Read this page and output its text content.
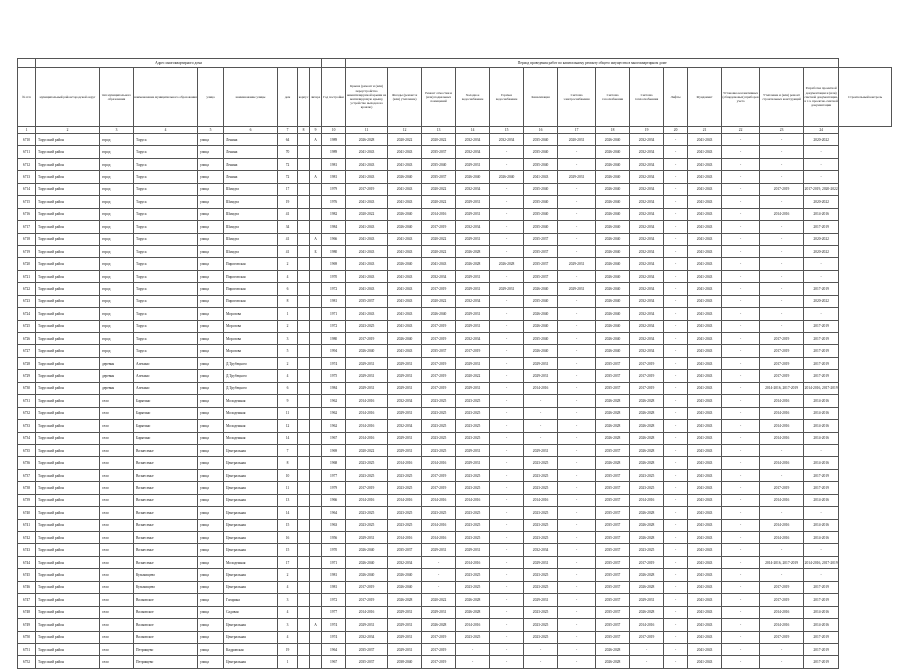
	Адрес многоквартирного дома									Период проведения работ по капитальному ремонту общего имущества в многоквартирном доме														
№ п/п	муниципальный район/городской округ	тип муниципального образования	наименование муниципального образования	улица	наименование улицы	дом	корпус	литера	Год постройки	Крыша (ремонт и (или) переустройство невентилируемой крыши на вентилируемую крышу, устройство выходов на кровлю)	Фасады (ремонт и (или) утепление)	Ремонт отмостки и (или) подвальных помещений	Холодное водоснабжение	Горячее водоснабжение	Канализация	Система электроснабжения	Система газоснабжения	Система теплоснабжения	Лифты	Фундамент	Установка коллективных (общедомовых) приборов учета	Утепление и (или) ремонт строительных конструкций	Разработка проектной документации и (или) сметной документации, в т.ч. проектно-сметной документации	Строительный контроль
1	2	3	4	5	6	7	8	9	10	11	12	13	14	15	16	17	18	19	20	21	22	23	24	
6710	Тарусский район	город	Таруса	улица	Ленина	64		А	1989	2026-2028	2020-2022	2020-2022	2032-2034	2032-2034	2035-2040	2020-2031	2026-2040	2032-2034	-	2041-2043	-	-	2020-2022	
6711	Тарусский район	город	Таруса	улица	Ленина	70			1989	2041-2043	2041-2043	2035-2037	2032-2034	-	2035-2040	-	2026-2040	2032-2034	-	2041-2043	-	-	-	
6712	Тарусский район	город	Таруса	улица	Ленина	72			1981	2041-2043	2041-2043	2035-2040	2029-2031	-	2035-2040	-	2026-2040	2032-2034	-	2041-2043	-	-	-	
6713	Тарусский район	город	Таруса	улица	Ленина	72		А	1981	2041-2043	2026-2040	2035-2037	2026-2040	2026-2040	2041-2043	2029-2031	2026-2040	2032-2034	-	2041-2043	-	-	-	
6714	Тарусский район	город	Таруса	улица	Шмидта	17			1979	2017-2019	2041-2043	2020-2022	2032-2034	-	2035-2040	-	2026-2040	2032-2034	-	2041-2043	-	2017-2019	2017-2019, 2020-2022	
6715	Тарусский район	город	Таруса	улица	Шмидта	19			1976	2041-2043	2041-2043	2020-2022	2029-2031	-	2035-2040	-	2026-2040	2032-2034	-	2041-2043	-	-	2020-2022	
6716	Тарусский район	город	Таруса	улица	Шмидта	41			1982	2020-2022	2026-2040	2014-2016	2029-2031	-	2035-2040	-	2026-2040	2032-2034	-	2041-2043	-	2014-2016	2014-2016	
6717	Тарусский район	город	Таруса	улица	Шмидта	34			1984	2041-2043	2026-2040	2017-2019	2032-2034	-	2035-2040	-	2026-2040	2032-2034	-	2041-2043	-	-	2017-2019	
6718	Тарусский район	город	Таруса	улица	Шмидта	41		А	1966	2041-2043	2041-2043	2020-2022	2029-2031	-	2035-2037	-	2026-2040	2032-2034	-	2041-2043	-	-	2020-2022	
6719	Тарусский район	город	Таруса	улица	Шмидта	41		Б	1980	2041-2043	2041-2043	2020-2022	2026-2028	-	2035-2037	-	2026-2040	2032-2034	-	2041-2043	-	-	2020-2022	
6720	Тарусский район	город	Таруса	улица	Пироговская	2			1969	2041-2043	2026-2040	2041-2043	2026-2028	2026-2028	2035-2037	2029-2031	2026-2040	2032-2034	-	2041-2043	-	-	-	
6721	Тарусский район	город	Таруса	улица	Пироговская	4			1970	2041-2043	2041-2043	2032-2034	2029-2031	-	2035-2037	-	2026-2040	2032-2034	-	2041-2043	-	-	-	
6722	Тарусский район	город	Таруса	улица	Пироговская	6			1972	2041-2043	2041-2043	2017-2019	2029-2031	2029-2031	2026-2040	2029-2031	2026-2040	2032-2034	-	2041-2043	-	-	2017-2019	
6723	Тарусский район	город	Таруса	улица	Пироговская	8			1981	2035-2037	2041-2043	2020-2022	2032-2034	-	2035-2040	-	2026-2040	2032-2034	-	2041-2043	-	-	2020-2022	
6724	Тарусский район	город	Таруса	улица	Морозова	1			1971	2041-2043	2041-2043	2026-2040	2029-2031	-	2026-2040	-	2026-2040	2032-2034	-	2041-2043	-	-	-	
6725	Тарусский район	город	Таруса	улица	Морозова	2			1972	2023-2025	2041-2043	2017-2019	2029-2031	-	2026-2040	-	2026-2040	2032-2034	-	2041-2043	-	-	2017-2019	
6726	Тарусский район	город	Таруса	улица	Морозова	3			1980	2017-2019	2026-2040	2017-2019	2032-2034	-	2035-2040	-	2026-2040	2032-2034	-	2041-2043	-	2017-2019	2017-2019	
6727	Тарусский район	город	Таруса	улица	Морозова	5			1994	2026-2040	2041-2043	2035-2037	2017-2019	-	2026-2040	-	2026-2040	2032-2034	-	2041-2043	-	2017-2019	2017-2019	
6728	Тарусский район	деревня	Алекино	улица	Д.Трубецкого	2			1974	2029-2031	2029-2031	2017-2019	2029-2031	-	2029-2031	-	2035-2037	2017-2019	-	2041-2043	-	2017-2019	2017-2019	
6729	Тарусский район	деревня	Алекино	улица	Д.Трубецкого	4			1975	2029-2031	2029-2031	2017-2019	2020-2022	-	2029-2031	-	2035-2037	2017-2019	-	2041-2043	-	2017-2019	2017-2019	
6730	Тарусский район	деревня	Алекино	улица	Д.Трубецкого	6			1984	2029-2031	2029-2031	2017-2019	2029-2031	-	2014-2016	-	2035-2037	2017-2019	-	2041-2043	-	2014-2016, 2017-2019	2014-2016, 2017-2019	
6731	Тарусский район	село	Барятино	улица	Молодежная	9			1962	2014-2016	2032-2034	2023-2025	2023-2025	-	-	-	2026-2028	2026-2028	-	2041-2043	-	2014-2016	2014-2016	
6732	Тарусский район	село	Барятино	улица	Молодежная	11			1962	2014-2016	2029-2031	2023-2025	2023-2025	-	-	-	2026-2028	2026-2028	-	2041-2043	-	2014-2016	2014-2016	
6733	Тарусский район	село	Барятино	улица	Молодежная	12			1962	2014-2016	2032-2034	2023-2025	2023-2025	-	-	-	2026-2028	2026-2028	-	2041-2043	-	2014-2016	2014-2016	
6734	Тарусский район	село	Барятино	улица	Молодежная	14			1967	2014-2016	2029-2031	2023-2025	2023-2025	-	-	-	2026-2028	2026-2028	-	2041-2043	-	2014-2016	2014-2016	
6735	Тарусский район	село	Вознесенье	улица	Центральная	7			1969	2020-2022	2029-2031	2023-2025	2029-2031	-	2029-2031	-	2035-2037	2026-2028	-	2041-2043	-	-	-	
6736	Тарусский район	село	Вознесенье	улица	Центральная	8			1968	2023-2025	2014-2016	2014-2016	2029-2031	-	2023-2025	-	2026-2028	2026-2028	-	2041-2043	-	2014-2016	2014-2016	
6737	Тарусский район	село	Вознесенье	улица	Центральная	10			1977	2023-2025	2023-2025	2017-2019	2023-2025	-	2023-2025	-	2035-2037	2023-2025	-	2041-2043	-	-	2017-2019	
6738	Тарусский район	село	Вознесенье	улица	Центральная	11			1979	2017-2019	2023-2025	2017-2019	2023-2025	-	2023-2025	-	2035-2037	2023-2025	-	2041-2043	-	2017-2019	2017-2019	
6739	Тарусский район	село	Вознесенье	улица	Центральная	13			1966	2014-2016	2014-2016	2014-2016	2014-2016	-	2014-2016	-	2035-2037	2014-2016	-	2041-2043	-	2014-2016	2014-2016	
6740	Тарусский район	село	Вознесенье	улица	Центральная	14			1964	2023-2025	2023-2025	2023-2025	2023-2025	-	2023-2025	-	2035-2037	2026-2028	-	2041-2043	-	-	-	
6741	Тарусский район	село	Вознесенье	улица	Центральная	15			1963	2023-2025	2023-2025	2014-2016	2023-2025	-	2023-2025	-	2035-2037	2026-2028	-	2041-2043	-	2014-2016	2014-2016	
6742	Тарусский район	село	Вознесенье	улица	Центральная	16			1956	2029-2031	2014-2016	2014-2016	2023-2025	-	2023-2025	-	2035-2037	2026-2028	-	2041-2043	-	2014-2016	2014-2016	
6743	Тарусский район	село	Вознесенье	улица	Центральная	15			1970	2026-2040	2035-2037	2029-2031	2029-2031	-	2032-2034	-	2035-2037	2023-2025	-	2041-2043	-	-	-	
6744	Тарусский район	село	Вознесенье	улица	Молодежная	17			1971	2026-2040	2032-2034	-	2014-2016	-	2029-2031	-	2035-2037	2017-2019	-	2041-2043	-	2014-2016, 2017-2019	2014-2016, 2017-2019	
6745	Тарусский район	село	Кузьмищево	улица	Центральная	2			1981	2026-2040	2026-2040	-	2023-2025	-	2023-2025	-	2035-2037	2026-2028	-	2041-2043	-	-	-	
6746	Тарусский район	село	Кузьмищево	улица	Центральная	4			1981	2017-2019	2026-2040	-	2023-2025	-	2023-2025	-	2035-2037	2026-2028	-	2041-2043	-	2017-2019	2017-2019	
6747	Тарусский район	село	Волковское	улица	Гагарина	3			1972	2017-2019	2026-2028	2020-2022	2026-2028	-	2029-2031	-	2035-2037	2029-2031	-	2041-2043	-	2017-2019	2017-2019	
6748	Тарусский район	село	Волковское	улица	Садовая	4			1977	2014-2016	2029-2031	2029-2031	2026-2028	-	2023-2025	-	2035-2037	2026-2028	-	2041-2043	-	2014-2016	2014-2016	
6749	Тарусский район	село	Волковское	улица	Центральная	3		А	1974	2029-2031	2029-2031	2026-2028	2014-2016	-	2023-2025	-	2035-2037	2014-2016	-	2041-2043	-	2014-2016	2014-2016	
6750	Тарусский район	село	Волковское	улица	Центральная	4			1974	2032-2034	2029-2031	2017-2019	2023-2025	-	2023-2025	-	2035-2037	2017-2019	-	2041-2043	-	2017-2019	2017-2019	
6751	Тарусский район	село	Петрищево	улица	Кадровская	19			1964	2035-2037	2029-2031	2017-2019	-	-	-	-	2026-2028	-	-	2041-2043	-	-	2017-2019	
6752	Тарусский район	село	Петрищево	улица	Центральная	1			1967	2035-2037	2038-2040	2017-2019	-	-	-	-	2026-2028	-	-	2041-2043	-	-	2017-2019	
